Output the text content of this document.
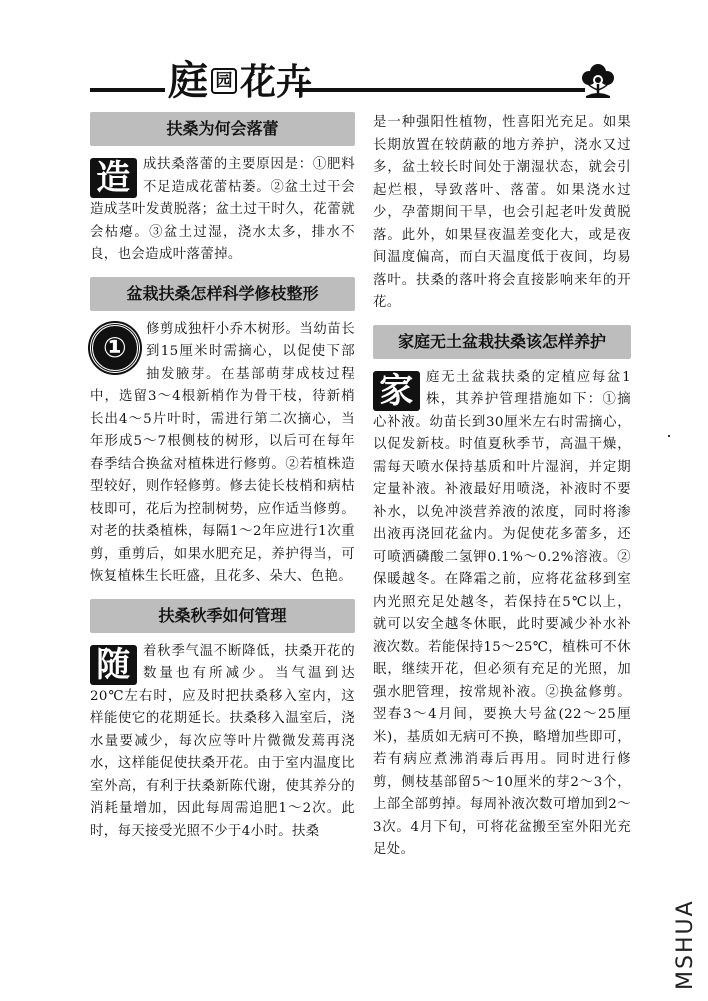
庭 园 花卉
扶桑为何会落蕾

造 成扶桑落蕾的主要原因是：①肥料不足造成花蕾枯萎。②盆土过干会造成茎叶发黄脱落；盆土过干时久，花蕾就会枯瘪。③盆土过湿，浇水太多，排水不良，也会造成叶落蕾掉。

盆栽扶桑怎样科学修枝整形

①
修剪成独杆小乔木树形。当幼苗长到15厘米时需摘心，以促使下部抽发腋芽。在基部萌芽成枝过程中，选留3～4根新梢作为骨干枝，待新梢长出4～5片叶时，需进行第二次摘心，当年形成5～7根侧枝的树形，以后可在每年春季结合换盆对植株进行修剪。②若植株造型较好，则作轻修剪。修去徒长枝梢和病枯枝即可，花后为控制树势，应作适当修剪。对老的扶桑植株，每隔1～2年应进行1次重剪，重剪后，如果水肥充足，养护得当，可恢复植株生长旺盛，且花多、朵大、色艳。

扶桑秋季如何管理

随 着秋季气温不断降低，扶桑开花的数量也有所减少。当气温到达20℃左右时，应及时把扶桑移入室内，这样能使它的花期延长。扶桑移入温室后，浇水量要减少，每次应等叶片微微发蔫再浇水，这样能促使扶桑开花。由于室内温度比室外高，有利于扶桑新陈代谢，使其养分的消耗量增加，因此每周需追肥1～2次。此时，每天接受光照不少于4小时。扶桑

是一种强阳性植物，性喜阳光充足。如果长期放置在较荫蔽的地方养护，浇水又过多，盆土较长时间处于潮湿状态，就会引起烂根，导致落叶、落蕾。如果浇水过少，孕蕾期间干旱，也会引起老叶发黄脱落。此外，如果昼夜温差变化大，或是夜间温度偏高，而白天温度低于夜间，均易落叶。扶桑的落叶将会直接影响来年的开花。

家庭无土盆栽扶桑该怎样养护

家 庭无土盆栽扶桑的定植应每盆1株，其养护管理措施如下：①摘心补液。幼苗长到30厘米左右时需摘心，以促发新枝。时值夏秋季节，高温干燥，需每天喷水保持基质和叶片湿润，并定期定量补液。补液最好用喷浇，补液时不要补水，以免冲淡营养液的浓度，同时将渗出液再浇回花盆内。为促使花多蕾多，还可喷洒磷酸二氢钾0.1%～0.2%溶液。②保暖越冬。在降霜之前，应将花盆移到室内光照充足处越冬，若保持在5℃以上，就可以安全越冬休眠，此时要减少补水补液次数。若能保持15～25℃，植株可不休眠，继续开花，但必须有充足的光照，加强水肥管理，按常规补液。②换盆修剪。翌春3～4月间，要换大号盆(22～25厘米)，基质如无病可不换，略增加些即可，若有病应煮沸消毒后再用。同时进行修剪，侧枝基部留5～10厘米的芽2～3个，上部全部剪掉。每周补液次数可增加到2～3次。4月下旬，可将花盆搬至室外阳光充足处。

MSHUA
